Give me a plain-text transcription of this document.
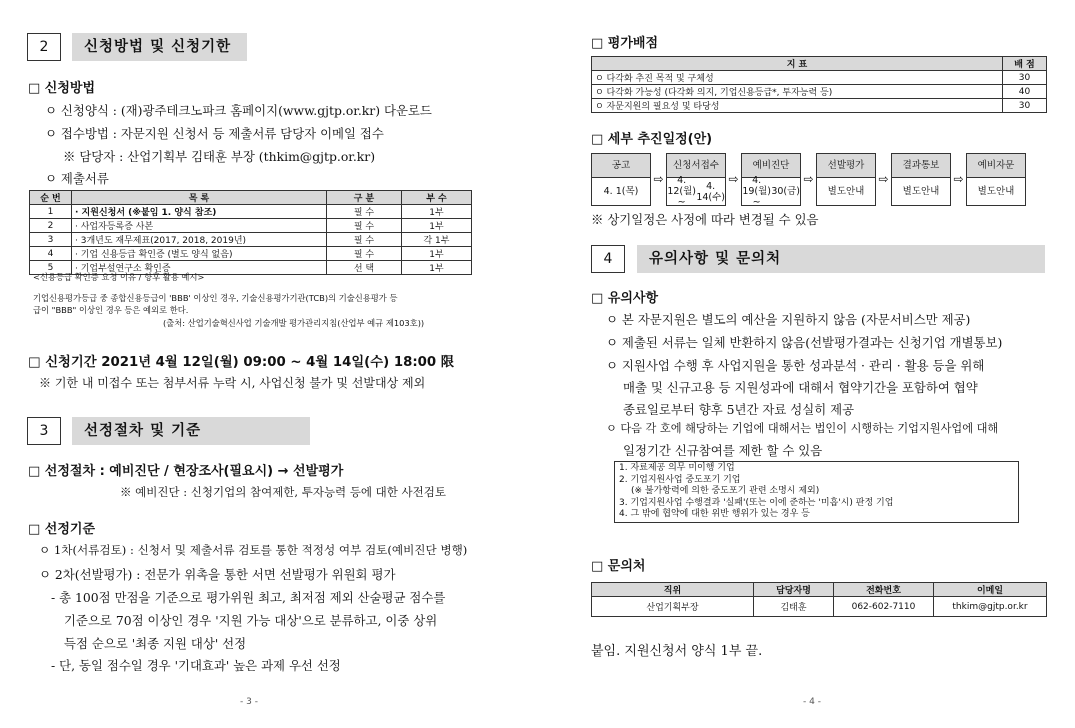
2	신청방법 및 신청기한
□ 신청방법
ㅇ 신청양식 : (재)광주테크노파크 홈페이지(www.gjtp.or.kr) 다운로드
ㅇ 접수방법 : 자문지원 신청서 등 제출서류 담당자 이메일 접수
※ 담당자 : 산업기획부 김태훈 부장 (thkim@gjtp.or.kr)
ㅇ 제출서류
순 번	목 록	구 분	부 수
1	· 지원신청서 (※붙임 1. 양식 참조)	필 수	1부
2	· 사업자등록증 사본	필 수	1부
3	· 3개년도 재무제표(2017, 2018, 2019년)	필 수	각 1부
4	· 기업 신용등급 확인증 (별도 양식 없음)	필 수	1부
5	· 기업부설연구소 확인증	선 택	1부
<신용등급 확인증 요청 이유 / 향후 활용 예시>
기업신용평가등급 중 종합신용등급이 'BBB' 이상인 경우, 기술신용평가기관(TCB)의 기술신용평가 등
급이 "BBB" 이상인 경우 등은 예외로 한다.
(출처: 산업기술혁신사업 기술개발 평가관리지침(산업부 예규 제103호))
□ 신청기간 2021년 4월 12일(월) 09:00 ~ 4월 14일(수) 18:00 限
※ 기한 내 미접수 또는 첨부서류 누락 시, 사업신청 불가 및 선발대상 제외
3	선정절차 및 기준
□ 선정절차 : 예비진단 / 현장조사(필요시) → 선발평가
※ 예비진단 : 신청기업의 참여제한, 투자능력 등에 대한 사전검토
□ 선정기준
ㅇ 1차(서류검토) : 신청서 및 제출서류 검토를 통한 적정성 여부 검토(예비진단 병행)
ㅇ 2차(선발평가) : 전문가 위촉을 통한 서면 선발평가 위원회 평가
- 총 100점 만점을 기준으로 평가위원 최고, 최저점 제외 산술평균 점수를
기준으로 70점 이상인 경우 '지원 가능 대상'으로 분류하고, 이중 상위
득점 순으로 '최종 지원 대상' 선정
- 단, 동일 점수일 경우 '기대효과' 높은 과제 우선 선정
- 3 -
□ 평가배점
지 표	배 점
ㅇ 다각화 추진 목적 및 구체성	30
ㅇ 다각화 가능성 (다각화 의지, 기업신용등급*, 투자능력 등)	40
ㅇ 자문지원의 필요성 및 타당성	30
□ 세부 추진일정(안)
공고
4. 1 (목)
⇨
신청서 접수
4. 12(월) ~

4. 14(수)
⇨
예비진단
4. 19(월) ~

30(금)
⇨
선발평가
별도안내
⇨
결과통보
별도안내
⇨
예비자문
별도안내
※ 상기일정은 사정에 따라 변경될 수 있음
4	유의사항 및 문의처
□ 유의사항
ㅇ 본 자문지원은 별도의 예산을 지원하지 않음 (자문서비스만 제공)
ㅇ 제출된 서류는 일체 반환하지 않음(선발평가결과는 신청기업 개별통보)
ㅇ 지원사업 수행 후 사업지원을 통한 성과분석 · 관리 · 활용 등을 위해
매출 및 신규고용 등 지원성과에 대해서 협약기간을 포함하여 협약
종료일로부터 향후 5년간 자료 성실히 제공
ㅇ 다음 각 호에 해당하는 기업에 대해서는 법인이 시행하는 기업지원사업에 대해
일정기간 신규참여를 제한 할 수 있음
1. 자료제공 의무 미이행 기업
2. 기업지원사업 중도포기 기업
(※ 불가항력에 의한 중도포기 관련 소명시 제외)
3. 기업지원사업 수행결과 '실패'(또는 이에 준하는 '미흡'시) 판정 기업
4. 그 밖에 협약에 대한 위반 행위가 있는 경우 등
□ 문의처
직위	담당자명	전화번호	이메일
산업기획부장	김태훈	062-602-7110	thkim@gjtp.or.kr
붙임. 지원신청서 양식 1부 끝.
- 4 -
